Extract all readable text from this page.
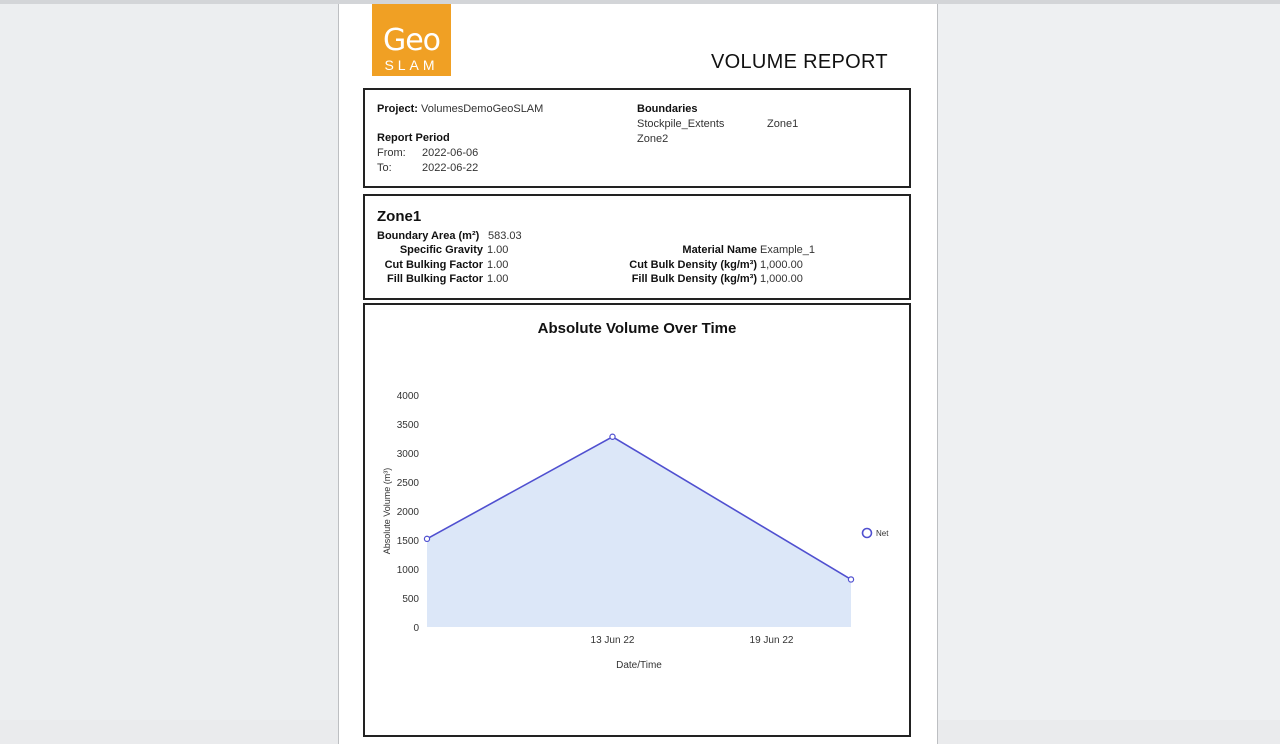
Geo
SLAM	VOLUME REPORT
Project: VolumesDemoGeoSLAM
Report Period
From: 2022-06-06
To:	2022-06-22
Boundaries
Stockpile_Extents	Zone1
Zone2
Zone1
Boundary Area (m²) 583.03
Specific Gravity 1.00
Cut Bulking Factor 1.00
Fill Bulking Factor 1.00
Material Name Example_1
Cut Bulk Density (kg/m³) 1,000.00
Fill Bulk Density (kg/m³) 1,000.00
Absolute Volume Over Time
0
500
1000
1500
2000
2500
3000
3500
4000
13 Jun 22	19 Jun 22
Date/Time
Absolute Volume (m³)	Net
